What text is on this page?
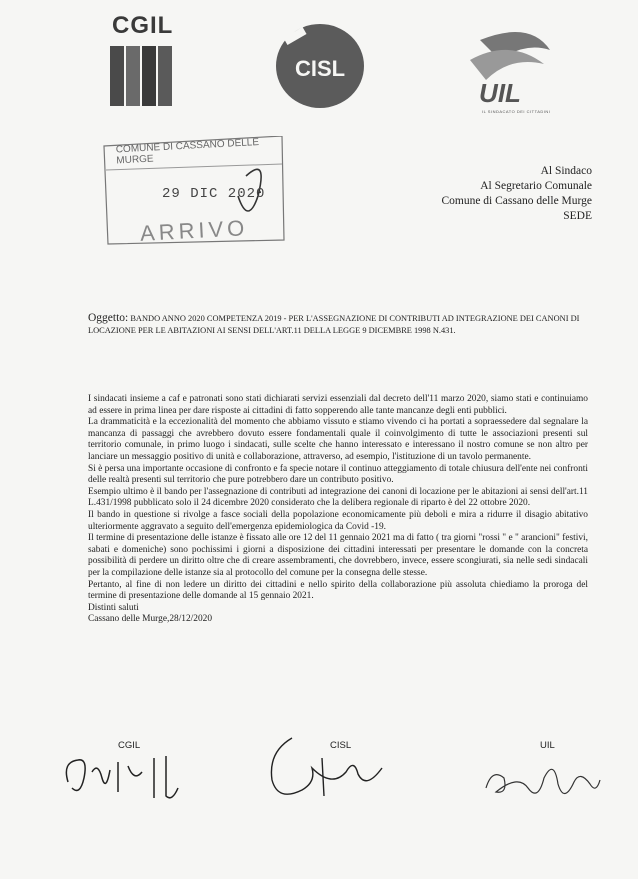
CGIL
CISL
UIL
IL SINDACATO DEI CITTADINI
COMUNE DI CASSANO DELLE MURGE
29 DIC 2020
ARRIVO
Al Sindaco
Al Segretario Comunale
Comune di Cassano delle Murge
SEDE
Oggetto: BANDO ANNO 2020 COMPETENZA 2019 - PER L'ASSEGNAZIONE DI CONTRIBUTI AD INTEGRAZIONE DEI CANONI DI LOCAZIONE PER LE ABITAZIONI AI SENSI DELL'ART.11 DELLA LEGGE 9 DICEMBRE 1998 N.431.

I sindacati insieme a caf e patronati sono stati dichiarati servizi essenziali dal decreto dell'11 marzo 2020, siamo stati e continuiamo ad essere in prima linea per dare risposte ai cittadini di fatto sopperendo alle tante mancanze degli enti pubblici.

La drammaticità e la eccezionalità del momento che abbiamo vissuto e stiamo vivendo ci ha portati a sopraessedere dal segnalare la mancanza di passaggi che avrebbero dovuto essere fondamentali quale il coinvolgimento di tutte le associazioni presenti sul territorio comunale, in primo luogo i sindacati, sulle scelte che hanno interessato e interessano il nostro comune se non altro per lanciare un messaggio positivo di unità e collaborazione, attraverso, ad esempio, l'istituzione di un tavolo permanente.

Si è persa una importante occasione di confronto e fa specie notare il continuo atteggiamento di totale chiusura dell'ente nei confronti delle realtà presenti sul territorio che pure potrebbero dare un contributo positivo.

Esempio ultimo è il bando per l'assegnazione di contributi ad integrazione dei canoni di locazione per le abitazioni ai sensi dell'art.11 L.431/1998 pubblicato solo il 24 dicembre 2020 considerato che la delibera regionale di riparto è del 22 ottobre 2020.

Il bando in questione si rivolge a fasce sociali della popolazione economicamente più deboli e mira a ridurre il disagio abitativo ulteriormente aggravato a seguito dell'emergenza epidemiologica da Covid -19.

Il termine di presentazione delle istanze è fissato alle ore 12 del 11 gennaio 2021 ma di fatto ( tra giorni "rossi " e " arancioni" festivi, sabati e domeniche) sono pochissimi i giorni a disposizione dei cittadini interessati per presentare le domande con la concreta possibilità di perdere un diritto oltre che di creare assembramenti, che dovrebbero, invece, essere scongiurati, sia nelle sedi sindacali per la compilazione delle istanze sia al protocollo del comune per la consegna delle stesse.

Pertanto, al fine di non ledere un diritto dei cittadini e nello spirito della collaborazione più assoluta chiediamo la proroga del termine di presentazione delle domande al 15 gennaio 2021.

Distinti saluti

Cassano delle Murge,28/12/2020

CGIL	CISL	UIL
